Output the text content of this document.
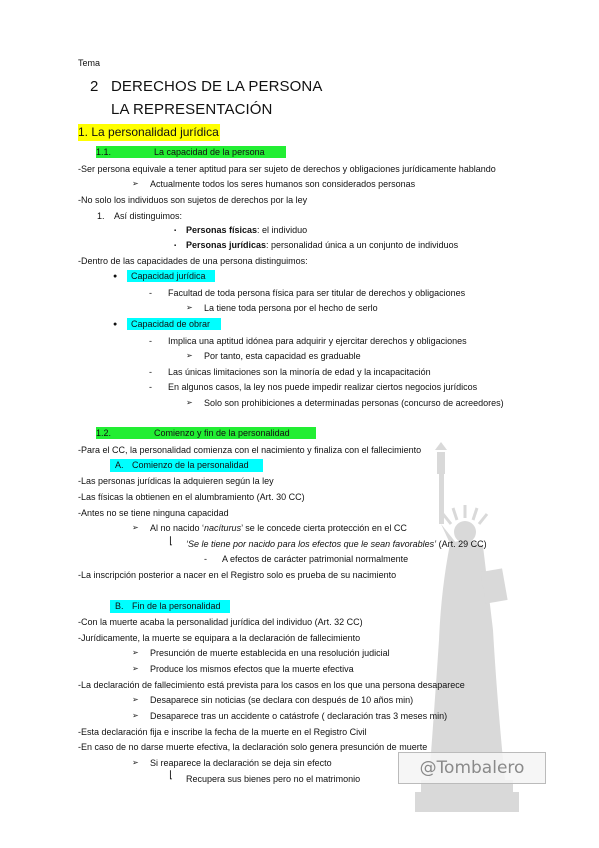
Tema
2 DERECHOS DE LA PERSONA
LA REPRESENTACIÓN
1. La personalidad jurídica
1.1.	La capacidad de la persona
-Ser persona equivale a tener aptitud para ser sujeto de derechos y obligaciones jurídicamente hablando
➢ Actualmente todos los seres humanos son considerados personas
-No solo los individuos son sujetos de derechos por la ley
1. Así distinguimos:
▪ Personas físicas: el individuo
▪ Personas jurídicas: personalidad única a un conjunto de individuos
-Dentro de las capacidades de una persona distinguimos:
●	Capacidad jurídica
- Facultad de toda persona física para ser titular de derechos y obligaciones
➢ La tiene toda persona por el hecho de serlo
●	Capacidad de obrar
- Implica una aptitud idónea para adquirir y ejercitar derechos y obligaciones
➢ Por tanto, esta capacidad es graduable
- Las únicas limitaciones son la minoría de edad y la incapacitación
- En algunos casos, la ley nos puede impedir realizar ciertos negocios jurídicos
➢ Solo son prohibiciones a determinadas personas (concurso de acreedores)
1.2.	Comienzo y fin de la personalidad
-Para el CC, la personalidad comienza con el nacimiento y finaliza con el fallecimiento
A. Comienzo de la personalidad
-Las personas jurídicas la adquieren según la ley
-Las físicas la obtienen en el alumbramiento (Art. 30 CC)
-Antes no se tiene ninguna capacidad
➢ Al no nacido ‘nacíturus’ se le concede cierta protección en el CC
⌊ ‘Se le tiene por nacido para los efectos que le sean favorables’ (Art. 29 CC)
- A efectos de carácter patrimonial normalmente
-La inscripción posterior a nacer en el Registro solo es prueba de su nacimiento
B. Fin de la personalidad
-Con la muerte acaba la personalidad jurídica del individuo (Art. 32 CC)
-Jurídicamente, la muerte se equipara a la declaración de fallecimiento
➢ Presunción de muerte establecida en una resolución judicial
➢ Produce los mismos efectos que la muerte efectiva
-La declaración de fallecimiento está prevista para los casos en los que una persona desaparece
➢ Desaparece sin noticias (se declara con después de 10 años min)
➢ Desaparece tras un accidente o catástrofe ( declaración tras 3 meses min)
-Esta declaración fija e inscribe la fecha de la muerte en el Registro Civil
-En caso de no darse muerte efectiva, la declaración solo genera presunción de muerte
➢ Si reaparece la declaración se deja sin efecto
⌊ Recupera sus bienes pero no el matrimonio
@Tombalero
